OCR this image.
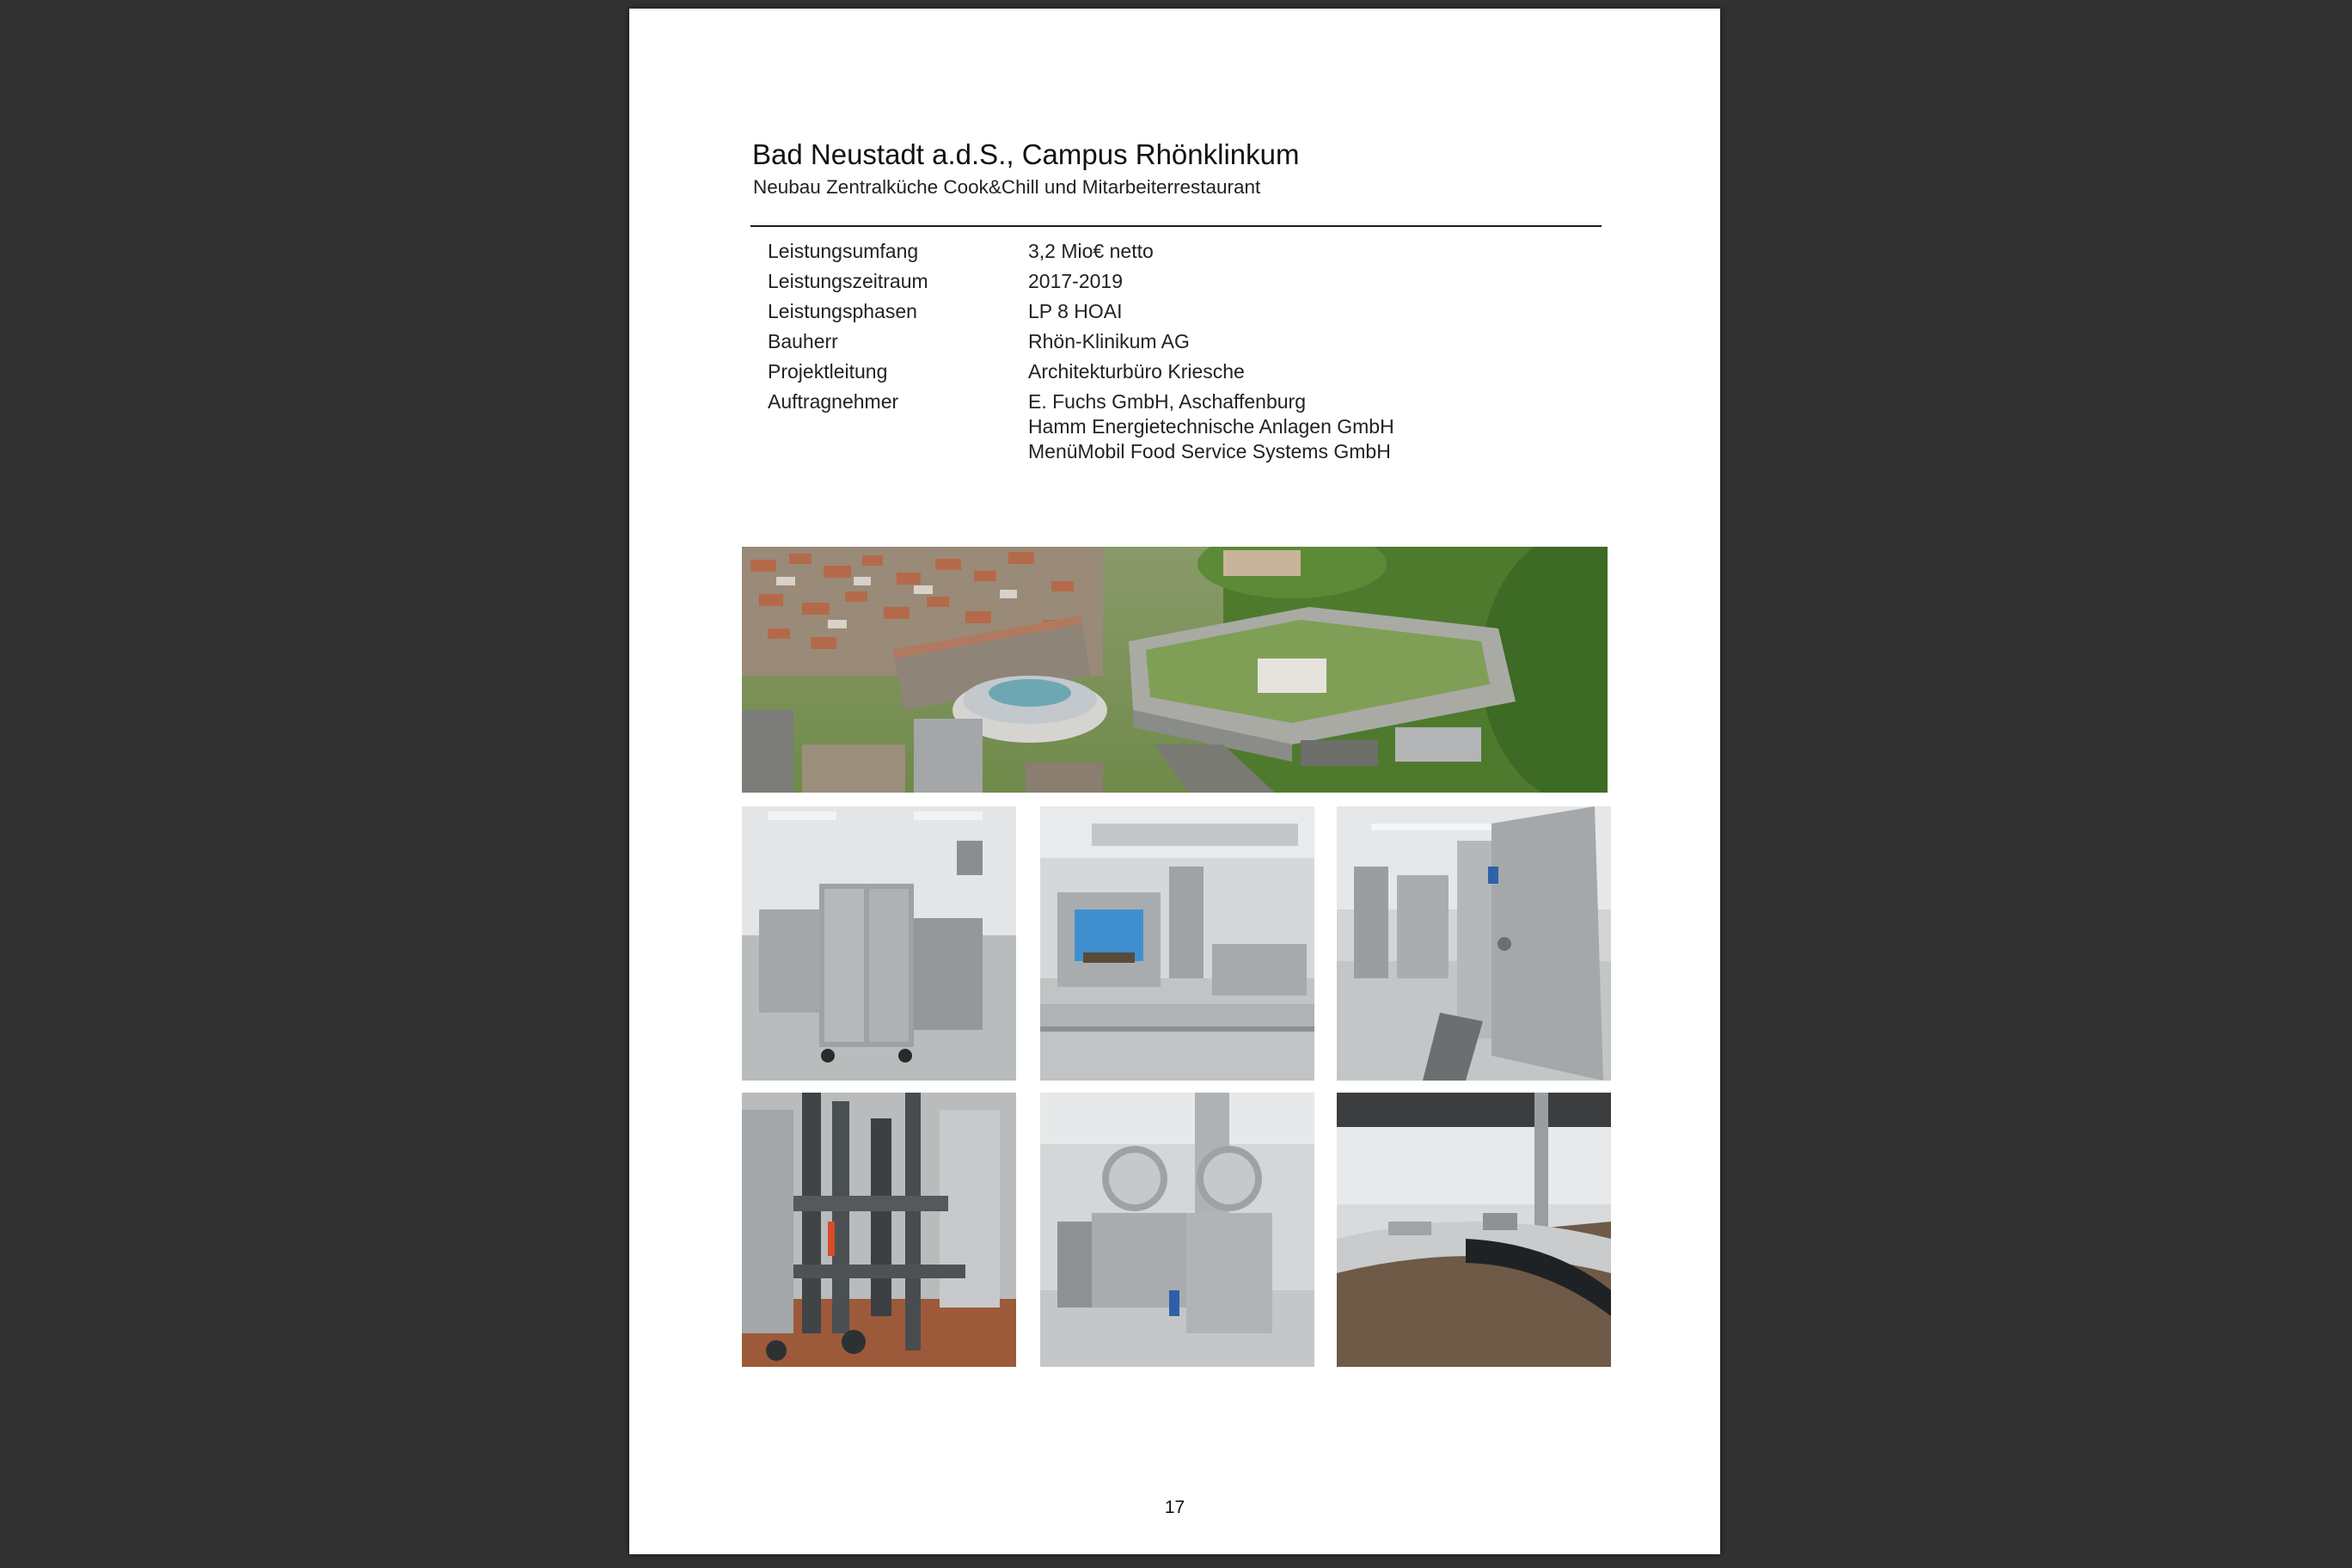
Bad Neustadt a.d.S., Campus Rhönklinkum

Neubau Zentralküche Cook&Chill und Mitarbeiterrestaurant

Leistungsumfang	3,2 Mio€ netto
Leistungszeitraum	2017-2019
Leistungsphasen	LP 8 HOAI
Bauherr	Rhön-Klinikum AG
Projektleitung	Architekturbüro Kriesche
Auftragnehmer	E. Fuchs GmbH, Aschaffenburg
Hamm Energietechnische Anlagen GmbH
MenüMobil Food Service Systems GmbH
17
